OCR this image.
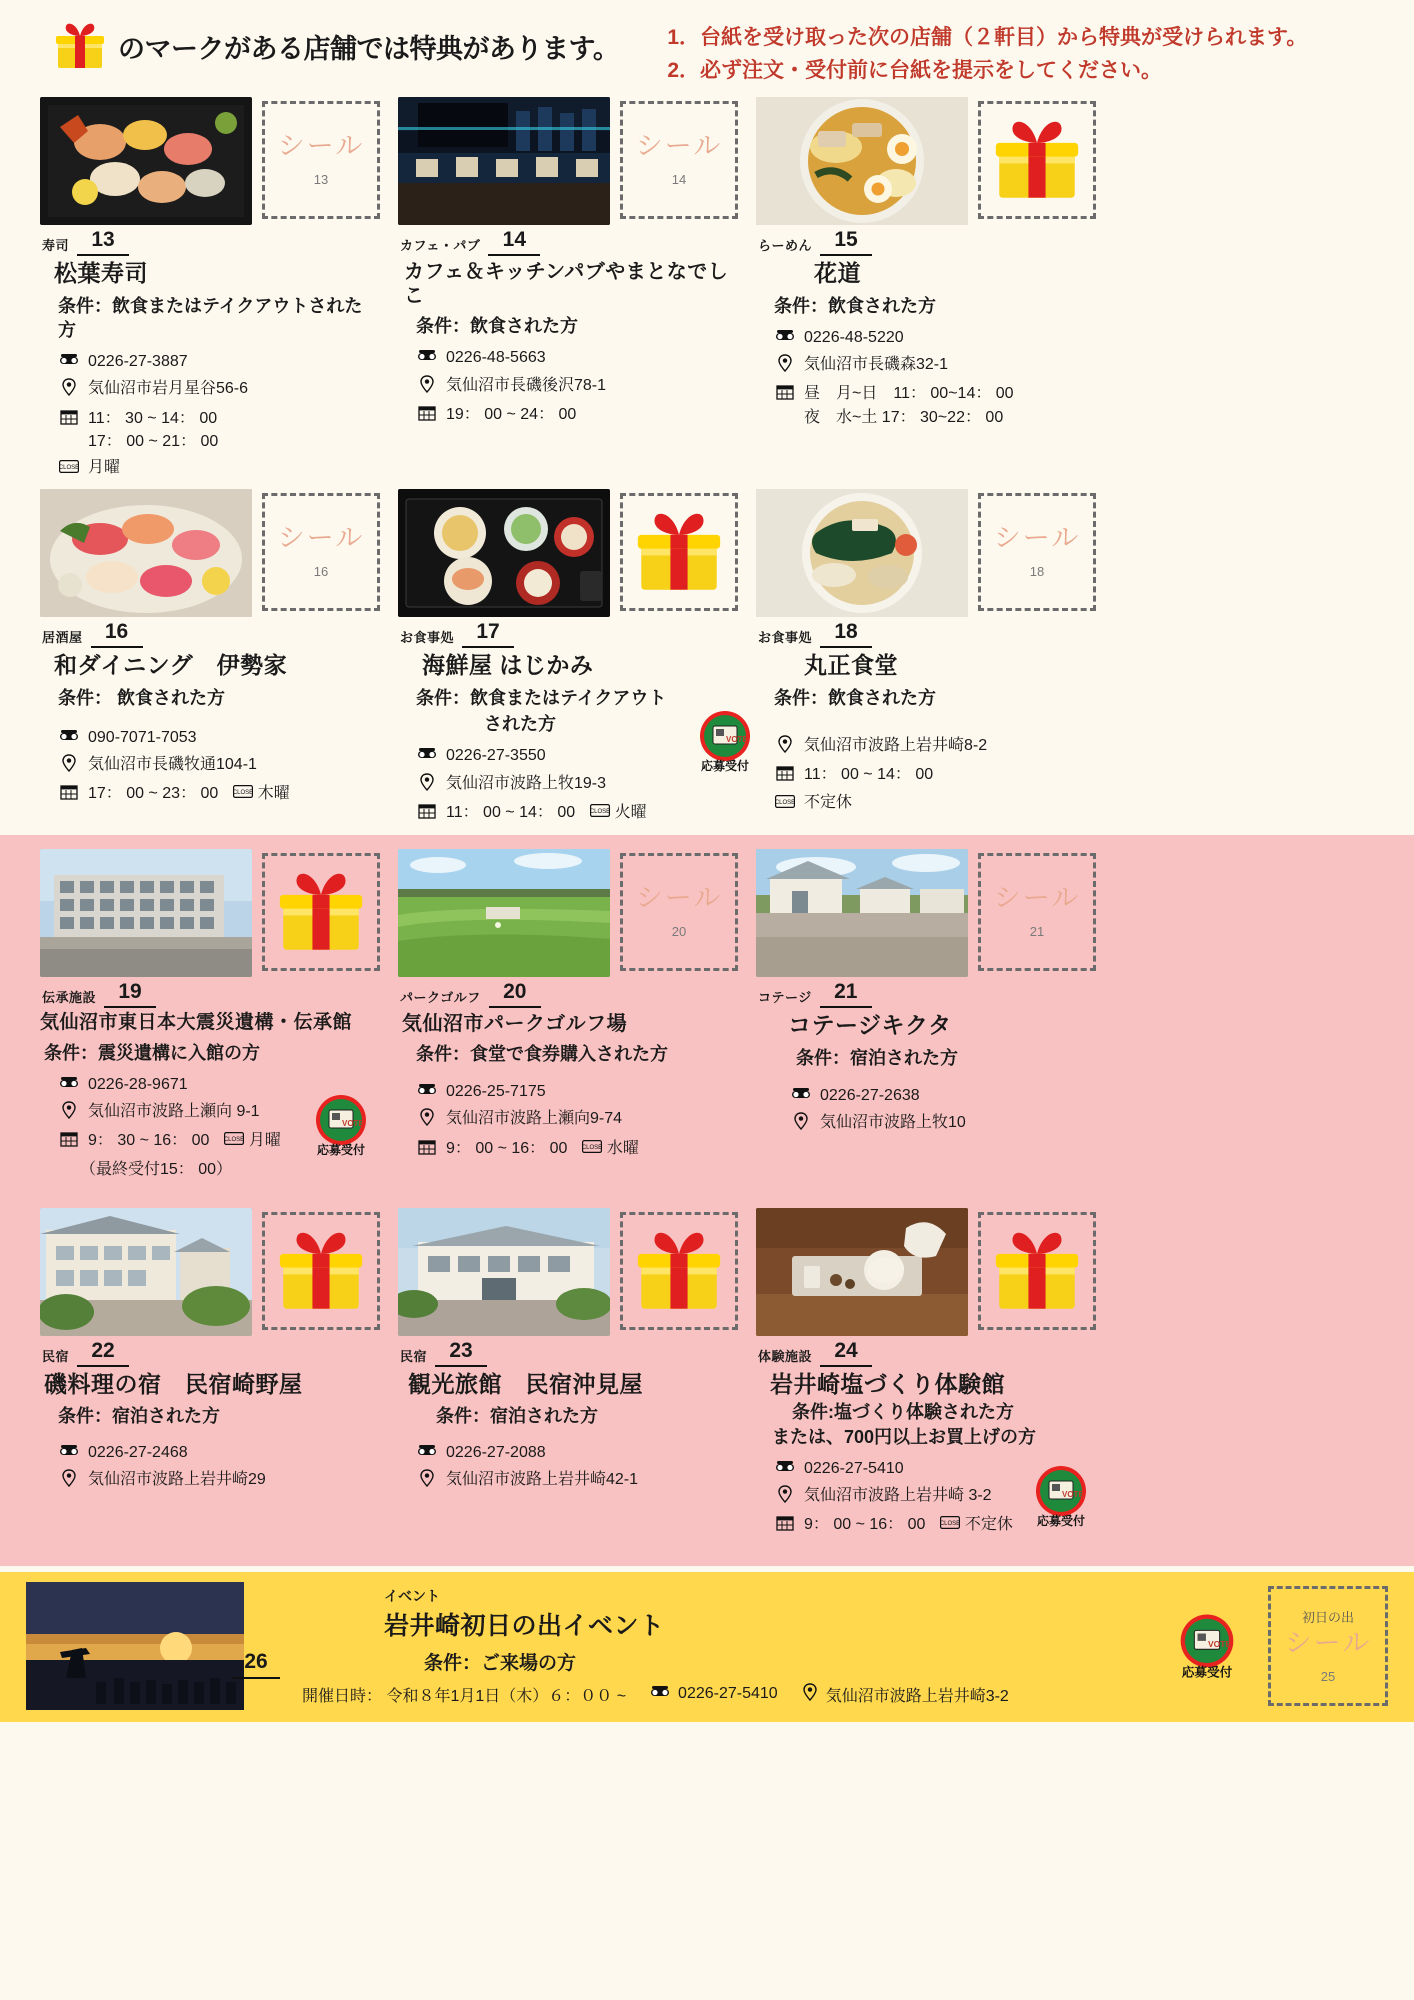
のマークがある店舗では特典があります。 1．台紙を受け取った次の店舗（２軒目）から特典が受けられます。
2．必ず注文・受付前に台紙を提示をしてください。
シール
13
寿司	13
松葉寿司
条件：飲食またはテイクアウトされた方
0226-27-3887
気仙沼市岩月星谷56-6
11： 30 ~ 14： 00
17： 00 ~ 21： 00
CLOSE 月曜
シール
14
カフェ・パブ	14
カフェ＆キッチンパブやまとなでしこ
条件：飲食された方
0226-48-5663
気仙沼市長磯後沢78-1
19： 00 ~ 24： 00
らーめん	15
花道
条件：飲食された方
0226-48-5220
気仙沼市長磯森32-1
昼　月~日　11： 00~14： 00
夜　水~土 17： 30~22： 00
シール
16
居酒屋	16
和ダイニング　伊勢家
条件： 飲食された方
090-7071-7053
気仙沼市長磯牧通104-1
17： 00 ~ 23： 00 CLOSE 木曜
お食事処	17
海鮮屋 はじかみ
条件：飲食またはテイクアウト
された方
0226-27-3550
気仙沼市波路上牧19-3
11： 00 ~ 14： 00 CLOSE 火曜
VOTE
応募受付
シール
18
お食事処	18
丸正食堂
条件：飲食された方
気仙沼市波路上岩井崎8-2
11： 00 ~ 14： 00
CLOSE 不定休
伝承施設	19
気仙沼市東日本大震災遺構・伝承館
条件：震災遺構に入館の方
0226-28-9671
気仙沼市波路上瀬向 9-1
9： 30 ~ 16： 00 CLOSE 月曜
（最終受付15： 00）
VOTE
応募受付
シール
20
パークゴルフ	20
気仙沼市パークゴルフ場
条件：食堂で食券購入された方
0226-25-7175
気仙沼市波路上瀬向9-74
9： 00 ~ 16： 00 CLOSE 水曜
シール
21
コテージ	21
コテージキクタ
条件：宿泊された方
0226-27-2638
気仙沼市波路上牧10
民宿	22
磯料理の宿　民宿崎野屋
条件：宿泊された方
0226-27-2468
気仙沼市波路上岩井崎29
民宿	23
観光旅館　民宿沖見屋
条件：宿泊された方
0226-27-2088
気仙沼市波路上岩井崎42-1
体験施設	24
岩井崎塩づくり体験館
条件:塩づくり体験された方
または、700円以上お買上げの方
0226-27-5410
気仙沼市波路上岩井崎 3-2
9： 00 ~ 16： 00 CLOSE 不定休
VOTE
応募受付
イベント
岩井崎初日の出イベント
条件：ご来場の方
開催日時： 令和８年1月1日（木）６：００ ~	0226-27-5410	気仙沼市波路上岩井崎3-2
26
VOTE
応募受付
初日の出
シール
25
